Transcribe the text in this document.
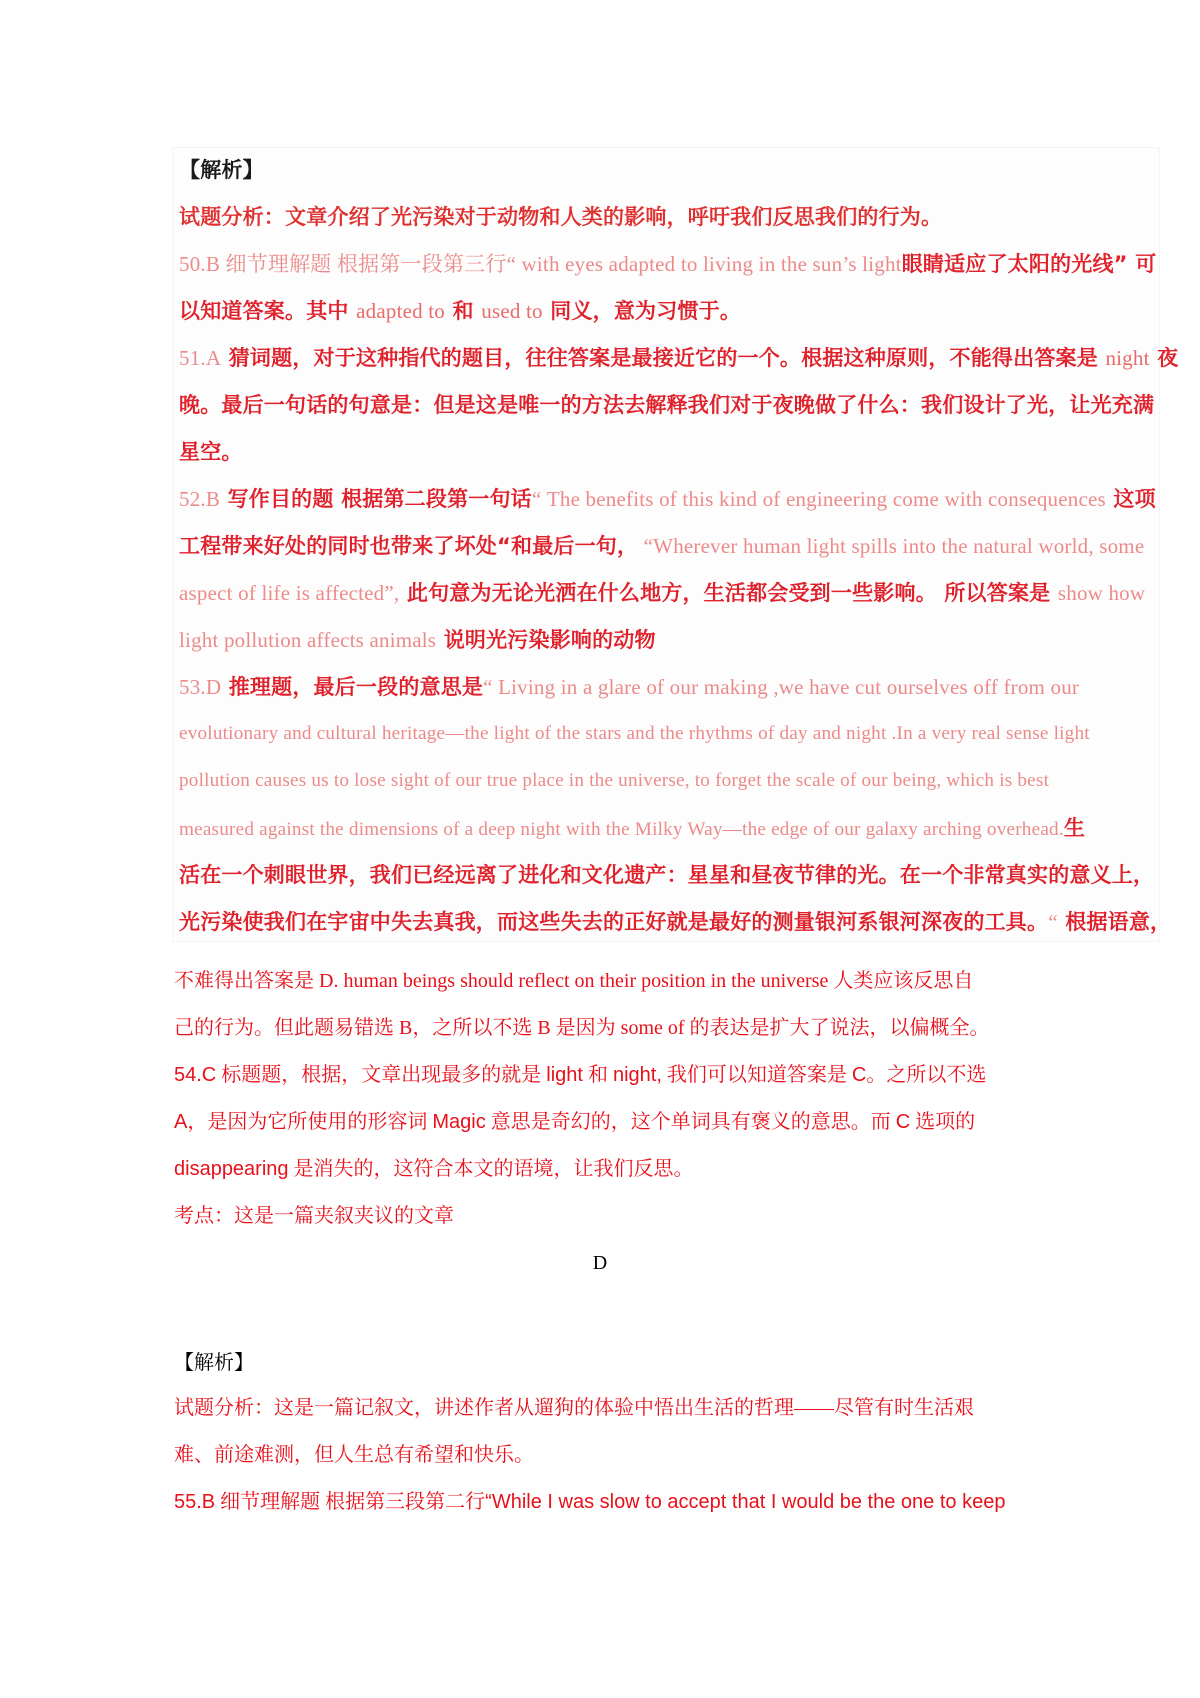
【解析】
试题分析：文章介绍了光污染对于动物和人类的影响，呼吁我们反思我们的行为。
50.B 细节理解题 根据第一段第三行“ with eyes adapted to living in the sun’s light眼睛适应了太阳的光线” 可
以知道答案。其中 adapted to 和 used to 同义，意为习惯于。
51.A 猜词题，对于这种指代的题目，往往答案是最接近它的一个。根据这种原则，不能得出答案是 night 夜
晚。最后一句话的句意是：但是这是唯一的方法去解释我们对于夜晚做了什么：我们设计了光，让光充满
星空。
52.B 写作目的题 根据第二段第一句话“ The benefits of this kind of engineering come with consequences 这项
工程带来好处的同时也带来了坏处“和最后一句， “Wherever human light spills into the natural world, some
aspect of life is affected”, 此句意为无论光洒在什么地方，生活都会受到一些影响。 所以答案是 show how
light pollution affects animals 说明光污染影响的动物
53.D 推理题，最后一段的意思是“ Living in a glare of our making ,we have cut ourselves off from our
evolutionary and cultural heritage—the light of the stars and the rhythms of day and night .In a very real sense light
pollution causes us to lose sight of our true place in the universe, to forget the scale of our being, which is best
measured against the dimensions of a deep night with the Milky Way—the edge of our galaxy arching overhead.生
活在一个刺眼世界，我们已经远离了进化和文化遗产：星星和昼夜节律的光。在一个非常真实的意义上，
光污染使我们在宇宙中失去真我，而这些失去的正好就是最好的测量银河系银河深夜的工具。“ 根据语意，
不难得出答案是 D. human beings should reflect on their position in the universe 人类应该反思自
己的行为。但此题易错选 B，之所以不选 B 是因为 some of 的表达是扩大了说法，以偏概全。
54.C 标题题，根据，文章出现最多的就是 light 和 night, 我们可以知道答案是 C。之所以不选
A，是因为它所使用的形容词 Magic 意思是奇幻的，这个单词具有褒义的意思。而 C 选项的
disappearing 是消失的，这符合本文的语境，让我们反思。
考点：这是一篇夹叙夹议的文章
D
【解析】
试题分析：这是一篇记叙文，讲述作者从遛狗的体验中悟出生活的哲理——尽管有时生活艰
难、前途难测，但人生总有希望和快乐。
55.B 细节理解题 根据第三段第二行“While I was slow to accept that I would be the one to keep
